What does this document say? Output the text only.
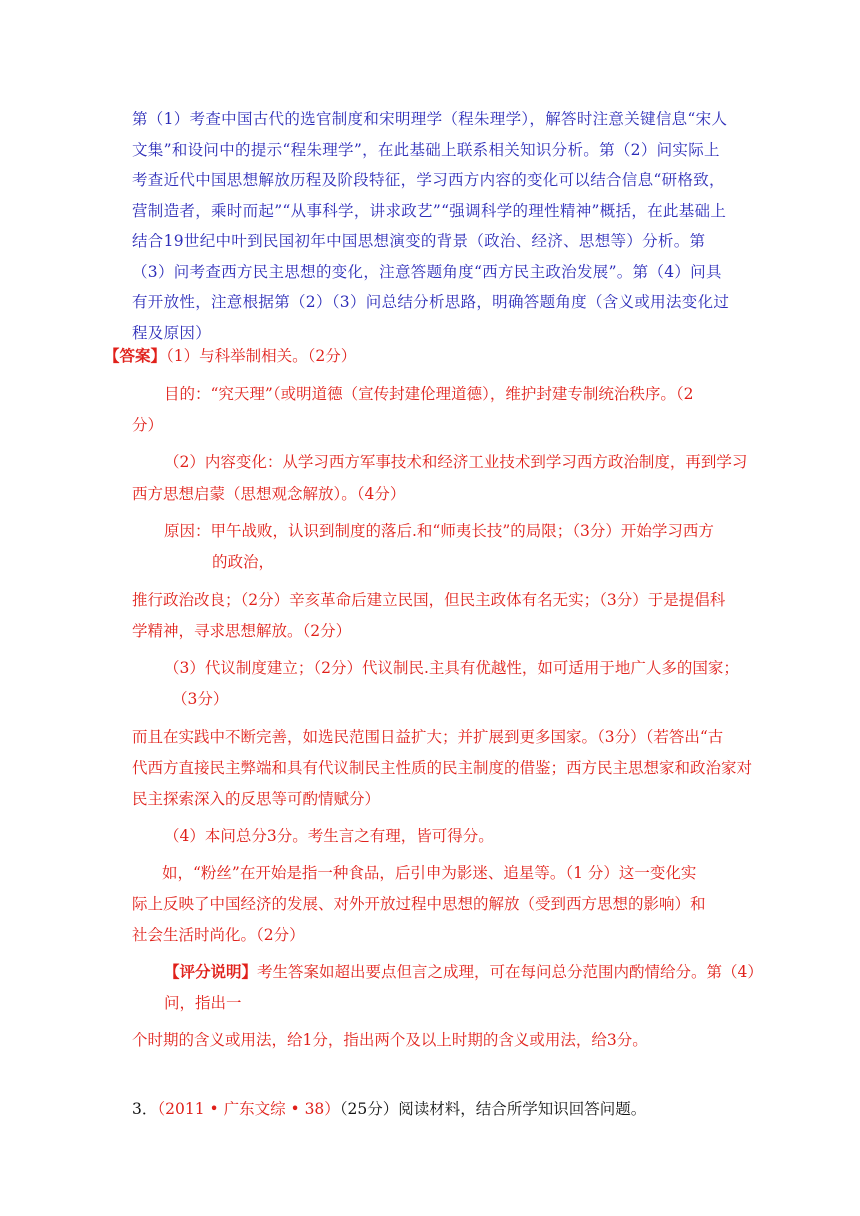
第（1）考查中国古代的选官制度和宋明理学（程朱理学），解答时注意关键信息“宋人文集”和设问中的提示“程朱理学”，在此基础上联系相关知识分析。第（2）问实际上考查近代中国思想解放历程及阶段特征，学习西方内容的变化可以结合信息“研格致，营制造者，乘时而起”“从事科学，讲求政艺”“强调科学的理性精神”概括，在此基础上结合19世纪中叶到民国初年中国思想演变的背景（政治、经济、思想等）分析。第（3）问考查西方民主思想的变化，注意答题角度“西方民主政治发展”。第（4）问具有开放性，注意根据第（2）（3）问总结分析思路，明确答题角度（含义或用法变化过程及原因）

【答案】（1）与科举制相关。（2分）
目的：“究天理”（或明道德（宣传封建伦理道德），维护封建专制统治秩序。（2
分）
（2）内容变化：从学习西方军事技术和经济工业技术到学习西方政治制度，再到学习
西方思想启蒙（思想观念解放）。（4分）
原因：甲午战败，认识到制度的落后.和“师夷长技”的局限；（3分）开始学习西方
的政治，
推行政治改良；（2分）辛亥革命后建立民国，但民主政体有名无实；（3分）于是提倡科
学精神，寻求思想解放。（2分）
（3）代议制度建立；（2分）代议制民.主具有优越性，如可适用于地广人多的国家；
（3分）
而且在实践中不断完善，如选民范围日益扩大；并扩展到更多国家。（3分）（若答出“古
代西方直接民主弊端和具有代议制民主性质的民主制度的借鉴；西方民主思想家和政治家对
民主探索深入的反思等可酌情赋分）
（4）本问总分3分。考生言之有理，皆可得分。
如，“粉丝”在开始是指一种食品，后引申为影迷、追星等。（1 分）这一变化实
际上反映了中国经济的发展、对外开放过程中思想的解放（受到西方思想的影响）和
社会生活时尚化。（2分）
【评分说明】考生答案如超出要点但言之成理，可在每问总分范围内酌情给分。第（4）
问，指出一
个时期的含义或用法，给1分，指出两个及以上时期的含义或用法，给3分。
3．（2011 • 广东文综 • 38）（25分）阅读材料，结合所学知识回答问题。
